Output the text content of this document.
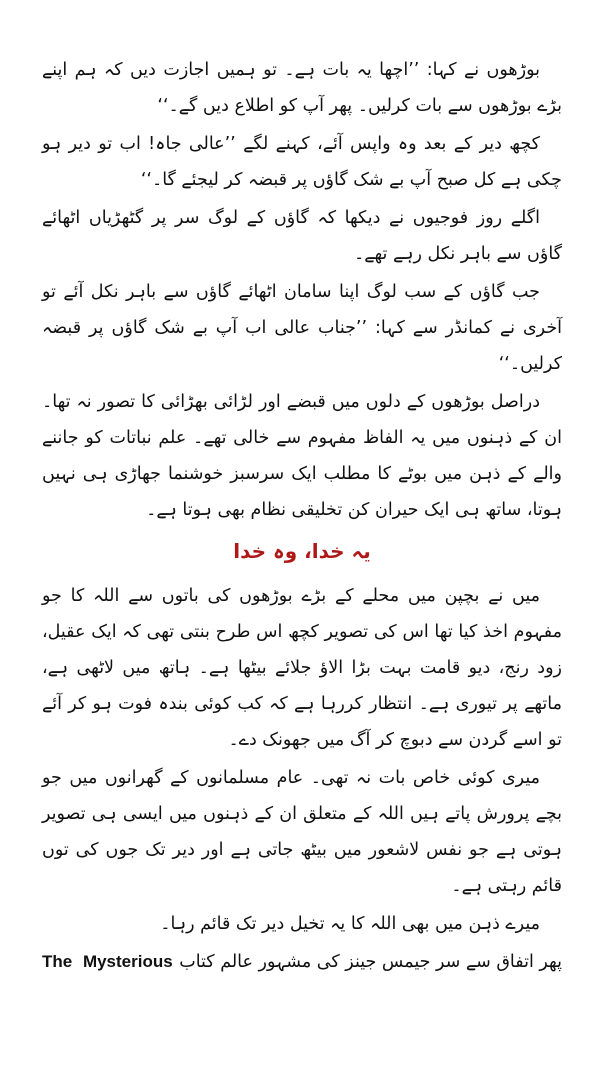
بوڑھوں نے کہا: ’’اچھا یہ بات ہے۔ تو ہمیں اجازت دیں کہ ہم اپنے بڑے بوڑھوں سے بات کرلیں۔ پھر آپ کو اطلاع دیں گے۔‘‘

کچھ دیر کے بعد وہ واپس آئے، کہنے لگے ’’عالی جاہ! اب تو دیر ہو چکی ہے کل صبح آپ بے شک گاؤں پر قبضہ کر لیجئے گا۔‘‘

اگلے روز فوجیوں نے دیکھا کہ گاؤں کے لوگ سر پر گٹھڑیاں اٹھائے گاؤں سے باہر نکل رہے تھے۔

جب گاؤں کے سب لوگ اپنا سامان اٹھائے گاؤں سے باہر نکل آئے تو آخری نے کمانڈر سے کہا: ’’جناب عالی اب آپ بے شک گاؤں پر قبضہ کرلیں۔‘‘

دراصل بوڑھوں کے دلوں میں قبضے اور لڑائی بھڑائی کا تصور نہ تھا۔ ان کے ذہنوں میں یہ الفاظ مفہوم سے خالی تھے۔ علم نباتات کو جاننے والے کے ذہن میں بوٹے کا مطلب ایک سرسبز خوشنما جھاڑی ہی نہیں ہوتا، ساتھ ہی ایک حیران کن تخلیقی نظام بھی ہوتا ہے۔

یہ خدا، وہ خدا

میں نے بچپن میں محلے کے بڑے بوڑھوں کی باتوں سے اللہ کا جو مفہوم اخذ کیا تھا اس کی تصویر کچھ اس طرح بنتی تھی کہ ایک عقیل، زود رنج، دیو قامت بہت بڑا الاؤ جلائے بیٹھا ہے۔ ہاتھ میں لاٹھی ہے، ماتھے پر تیوری ہے۔ انتظار کررہا ہے کہ کب کوئی بندہ فوت ہو کر آئے تو اسے گردن سے دبوچ کر آگ میں جھونک دے۔

میری کوئی خاص بات نہ تھی۔ عام مسلمانوں کے گھرانوں میں جو بچے پرورش پاتے ہیں اللہ کے متعلق ان کے ذہنوں میں ایسی ہی تصویر ہوتی ہے جو نفس لاشعور میں بیٹھ جاتی ہے اور دیر تک جوں کی توں قائم رہتی ہے۔

میرے ذہن میں بھی اللہ کا یہ تخیل دیر تک قائم رہا۔

پھر اتفاق سے سر جیمس جینز کی مشہور عالم کتاب
The Mysterious
